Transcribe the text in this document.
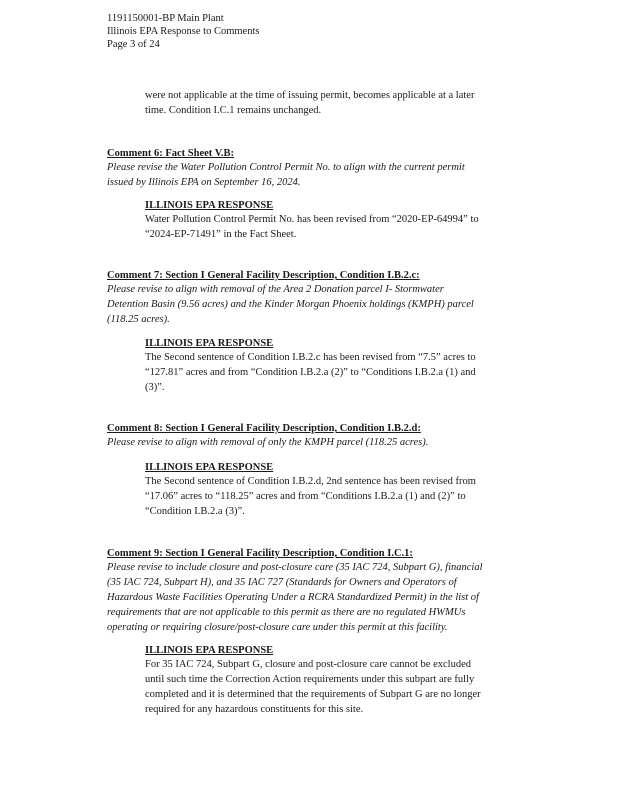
1191150001-BP Main Plant
Illinois EPA Response to Comments
Page 3 of 24
were not applicable at the time of issuing permit, becomes applicable at a later
time. Condition I.C.1 remains unchanged.
Comment 6: Fact Sheet V.B:
Please revise the Water Pollution Control Permit No. to align with the current permit
issued by Illinois EPA on September 16, 2024.
ILLINOIS EPA RESPONSE
Water Pollution Control Permit No. has been revised from “2020-EP-64994” to
“2024-EP-71491” in the Fact Sheet.
Comment 7: Section I General Facility Description, Condition I.B.2.c:
Please revise to align with removal of the Area 2 Donation parcel I- Stormwater
Detention Basin (9.56 acres) and the Kinder Morgan Phoenix holdings (KMPH) parcel
(118.25 acres).
ILLINOIS EPA RESPONSE
The Second sentence of Condition I.B.2.c has been revised from “7.5” acres to
“127.81” acres and from “Condition I.B.2.a (2)” to “Conditions I.B.2.a (1) and
(3)”.
Comment 8: Section I General Facility Description, Condition I.B.2.d:
Please revise to align with removal of only the KMPH parcel (118.25 acres).
ILLINOIS EPA RESPONSE
The Second sentence of Condition I.B.2.d, 2nd sentence has been revised from
“17.06” acres to “118.25” acres and from “Conditions I.B.2.a (1) and (2)” to
“Condition I.B.2.a (3)”.
Comment 9: Section I General Facility Description, Condition I.C.1:
Please revise to include closure and post-closure care (35 IAC 724, Subpart G), financial
(35 IAC 724, Subpart H), and 35 IAC 727 (Standards for Owners and Operators of
Hazardous Waste Facilities Operating Under a RCRA Standardized Permit) in the list of
requirements that are not applicable to this permit as there are no regulated HWMUs
operating or requiring closure/post-closure care under this permit at this facility.
ILLINOIS EPA RESPONSE
For 35 IAC 724, Subpart G, closure and post-closure care cannot be excluded
until such time the Correction Action requirements under this subpart are fully
completed and it is determined that the requirements of Subpart G are no longer
required for any hazardous constituents for this site.
